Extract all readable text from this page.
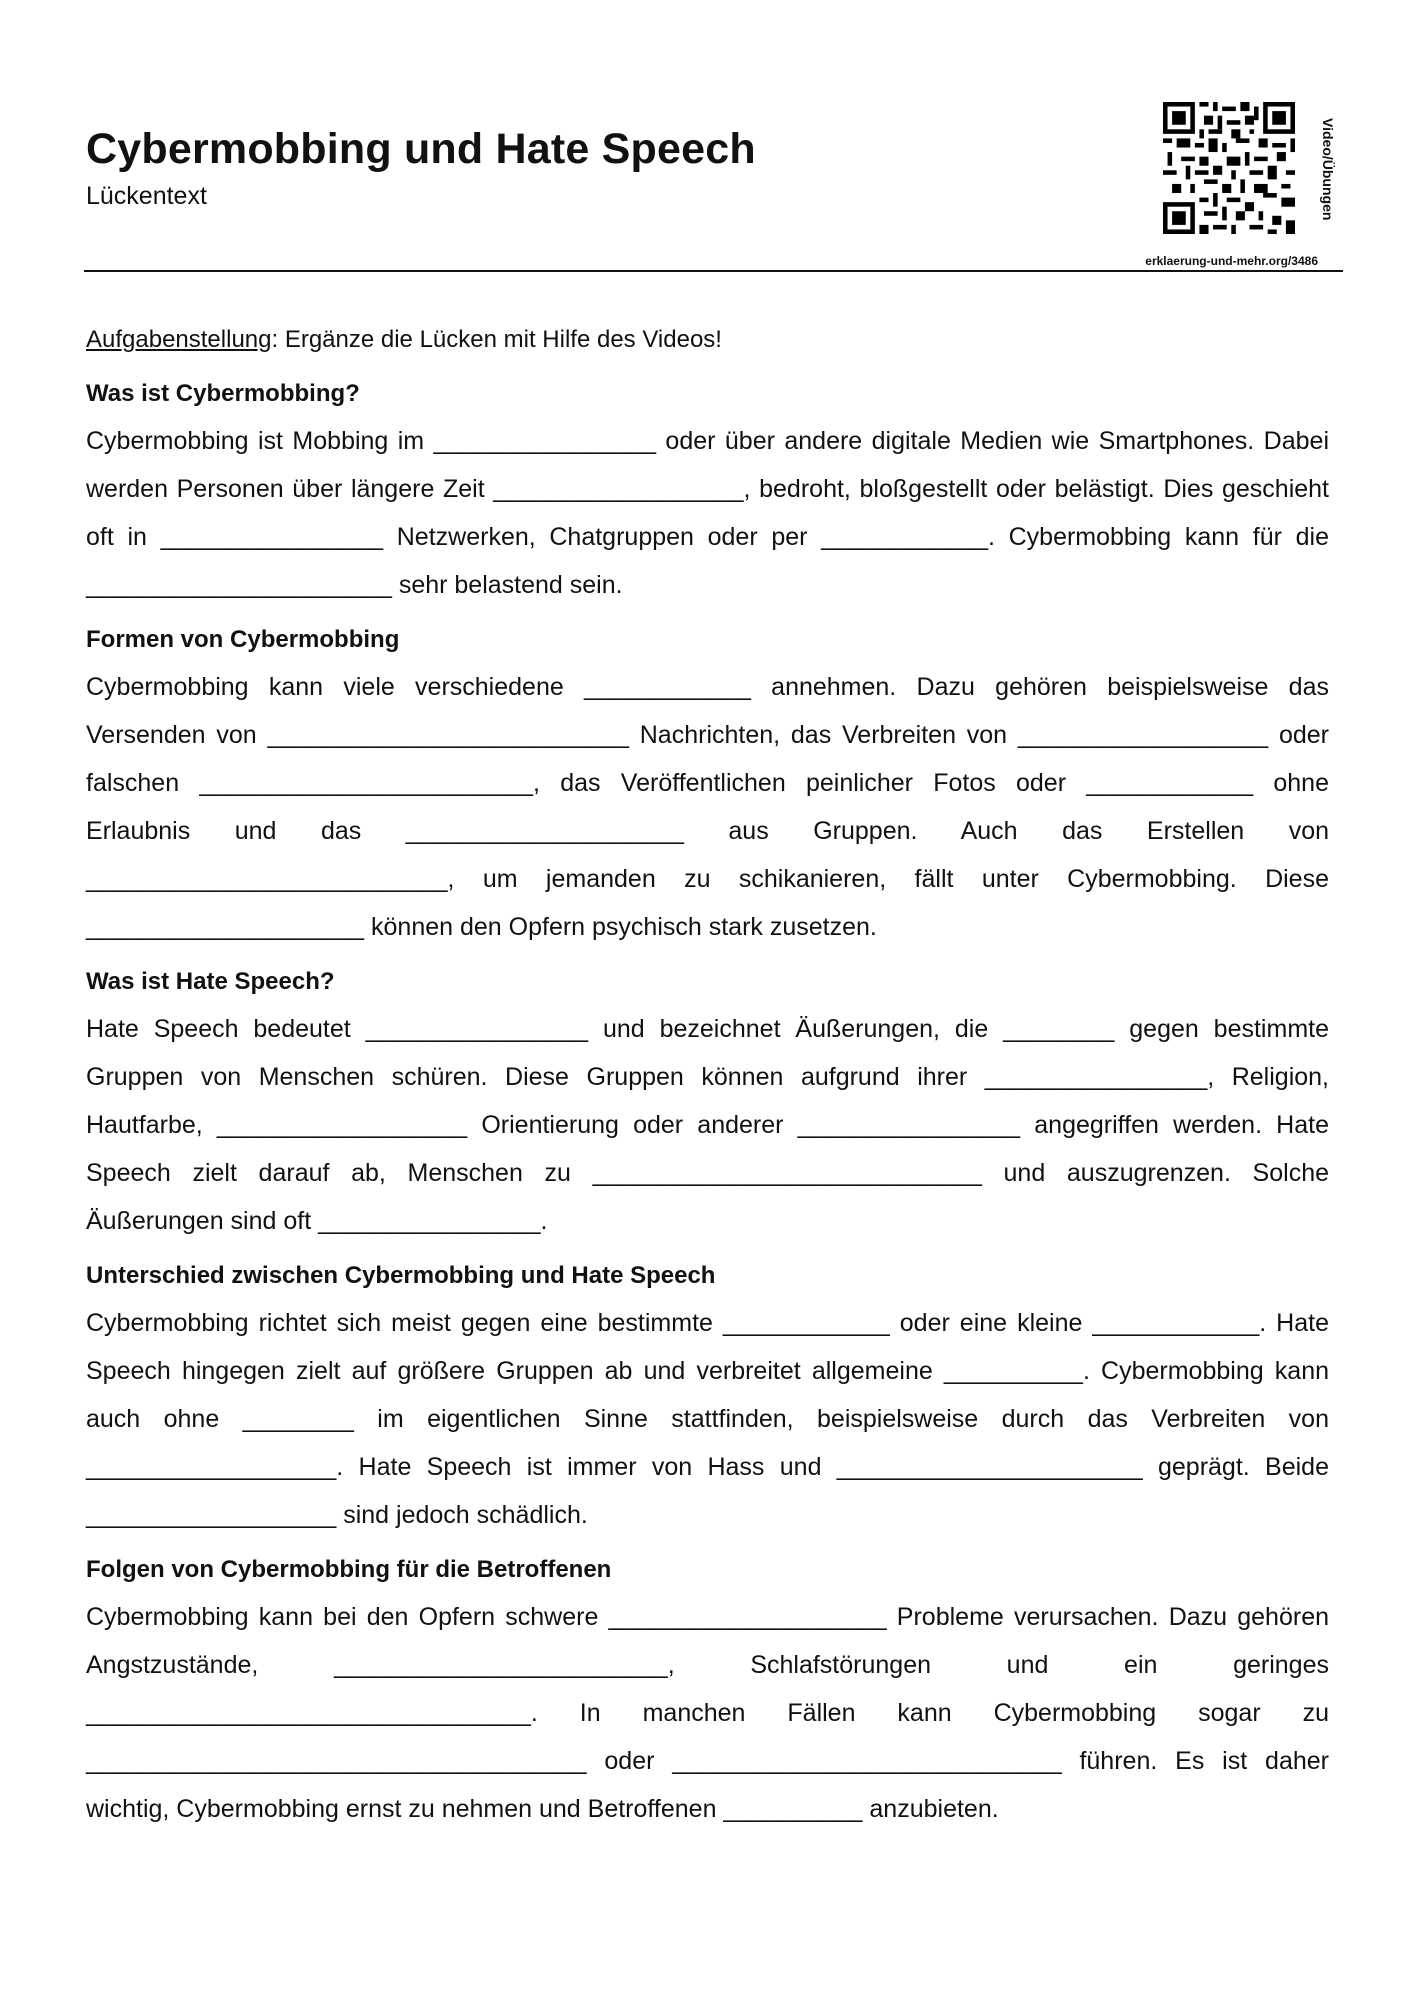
Cybermobbing und Hate Speech
Lückentext	Video/Übungen
erklaerung-und-mehr.org/3486

Aufgabenstellung: Ergänze die Lücken mit Hilfe des Videos!

Was ist Cybermobbing?

Cybermobbing ist Mobbing im ________________ oder über andere digitale Medien wie Smartphones. Dabei werden Personen über längere Zeit __________________, bedroht, bloßgestellt oder belästigt. Dies geschieht oft in ________________ Netzwerken, Chatgruppen oder per ____________. Cybermobbing kann für die ______________________ sehr belastend sein.

Formen von Cybermobbing

Cybermobbing kann viele verschiedene ____________ annehmen. Dazu gehören beispielsweise das Versenden von __________________________ Nachrichten, das Verbreiten von __________________ oder falschen ________________________, das Veröffentlichen peinlicher Fotos oder ____________ ohne Erlaubnis und das ____________________ aus Gruppen. Auch das Erstellen von __________________________, um jemanden zu schikanieren, fällt unter Cybermobbing. Diese ____________________ können den Opfern psychisch stark zusetzen.

Was ist Hate Speech?

Hate Speech bedeutet ________________ und bezeichnet Äußerungen, die ________ gegen bestimmte Gruppen von Menschen schüren. Diese Gruppen können aufgrund ihrer ________________, Religion, Hautfarbe, __________________ Orientierung oder anderer ________________ angegriffen werden. Hate Speech zielt darauf ab, Menschen zu ____________________________ und auszugrenzen. Solche Äußerungen sind oft ________________.

Unterschied zwischen Cybermobbing und Hate Speech

Cybermobbing richtet sich meist gegen eine bestimmte ____________ oder eine kleine ____________. Hate Speech hingegen zielt auf größere Gruppen ab und verbreitet allgemeine __________. Cybermobbing kann auch ohne ________ im eigentlichen Sinne stattfinden, beispielsweise durch das Verbreiten von __________________. Hate Speech ist immer von Hass und ______________________ geprägt. Beide __________________ sind jedoch schädlich.

Folgen von Cybermobbing für die Betroffenen

Cybermobbing kann bei den Opfern schwere ____________________ Probleme verursachen. Dazu gehören Angstzustände, ________________________, Schlafstörungen und ein geringes ________________________________. In manchen Fällen kann Cybermobbing sogar zu ____________________________________ oder ____________________________ führen. Es ist daher wichtig, Cybermobbing ernst zu nehmen und Betroffenen __________ anzubieten.
